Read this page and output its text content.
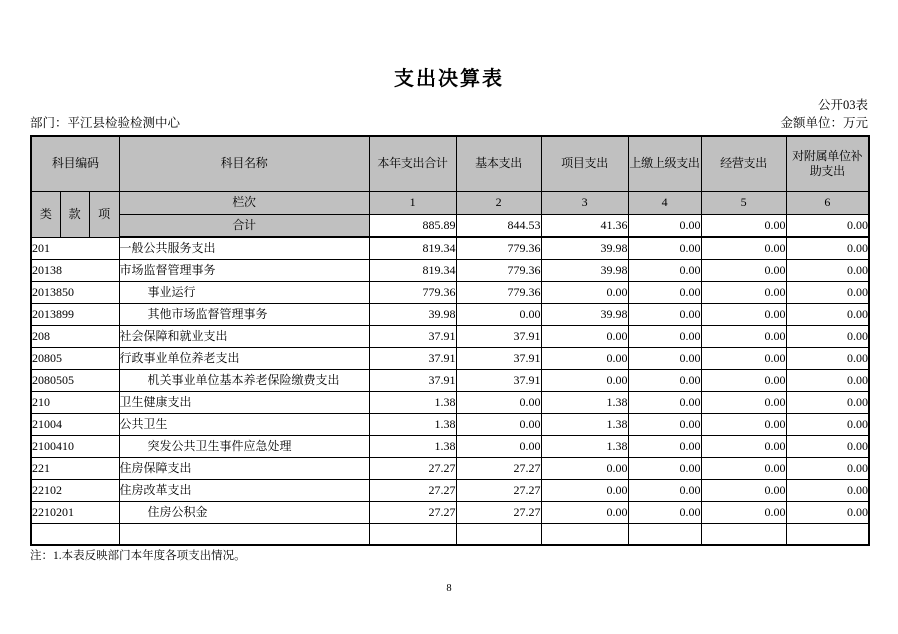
支出决算表
公开03表
部门：平江县检验检测中心	金额单位：万元
科目编码			科目名称	本年支出合计	基本支出	项目支出	上缴上级支出	经营支出	对附属单位补助支出
类	款	项	栏次	1	2	3	4	5	6
			合计	885.89	844.53	41.36	0.00	0.00	0.00
201			一般公共服务支出	819.34	779.36	39.98	0.00	0.00	0.00
20138			市场监督管理事务	819.34	779.36	39.98	0.00	0.00	0.00
2013850			事业运行	779.36	779.36	0.00	0.00	0.00	0.00
2013899			其他市场监督管理事务	39.98	0.00	39.98	0.00	0.00	0.00
208			社会保障和就业支出	37.91	37.91	0.00	0.00	0.00	0.00
20805			行政事业单位养老支出	37.91	37.91	0.00	0.00	0.00	0.00
2080505			机关事业单位基本养老保险缴费支出	37.91	37.91	0.00	0.00	0.00	0.00
210			卫生健康支出	1.38	0.00	1.38	0.00	0.00	0.00
21004			公共卫生	1.38	0.00	1.38	0.00	0.00	0.00
2100410			突发公共卫生事件应急处理	1.38	0.00	1.38	0.00	0.00	0.00
221			住房保障支出	27.27	27.27	0.00	0.00	0.00	0.00
22102			住房改革支出	27.27	27.27	0.00	0.00	0.00	0.00
2210201			住房公积金	27.27	27.27	0.00	0.00	0.00	0.00

注：1.本表反映部门本年度各项支出情况。
8
